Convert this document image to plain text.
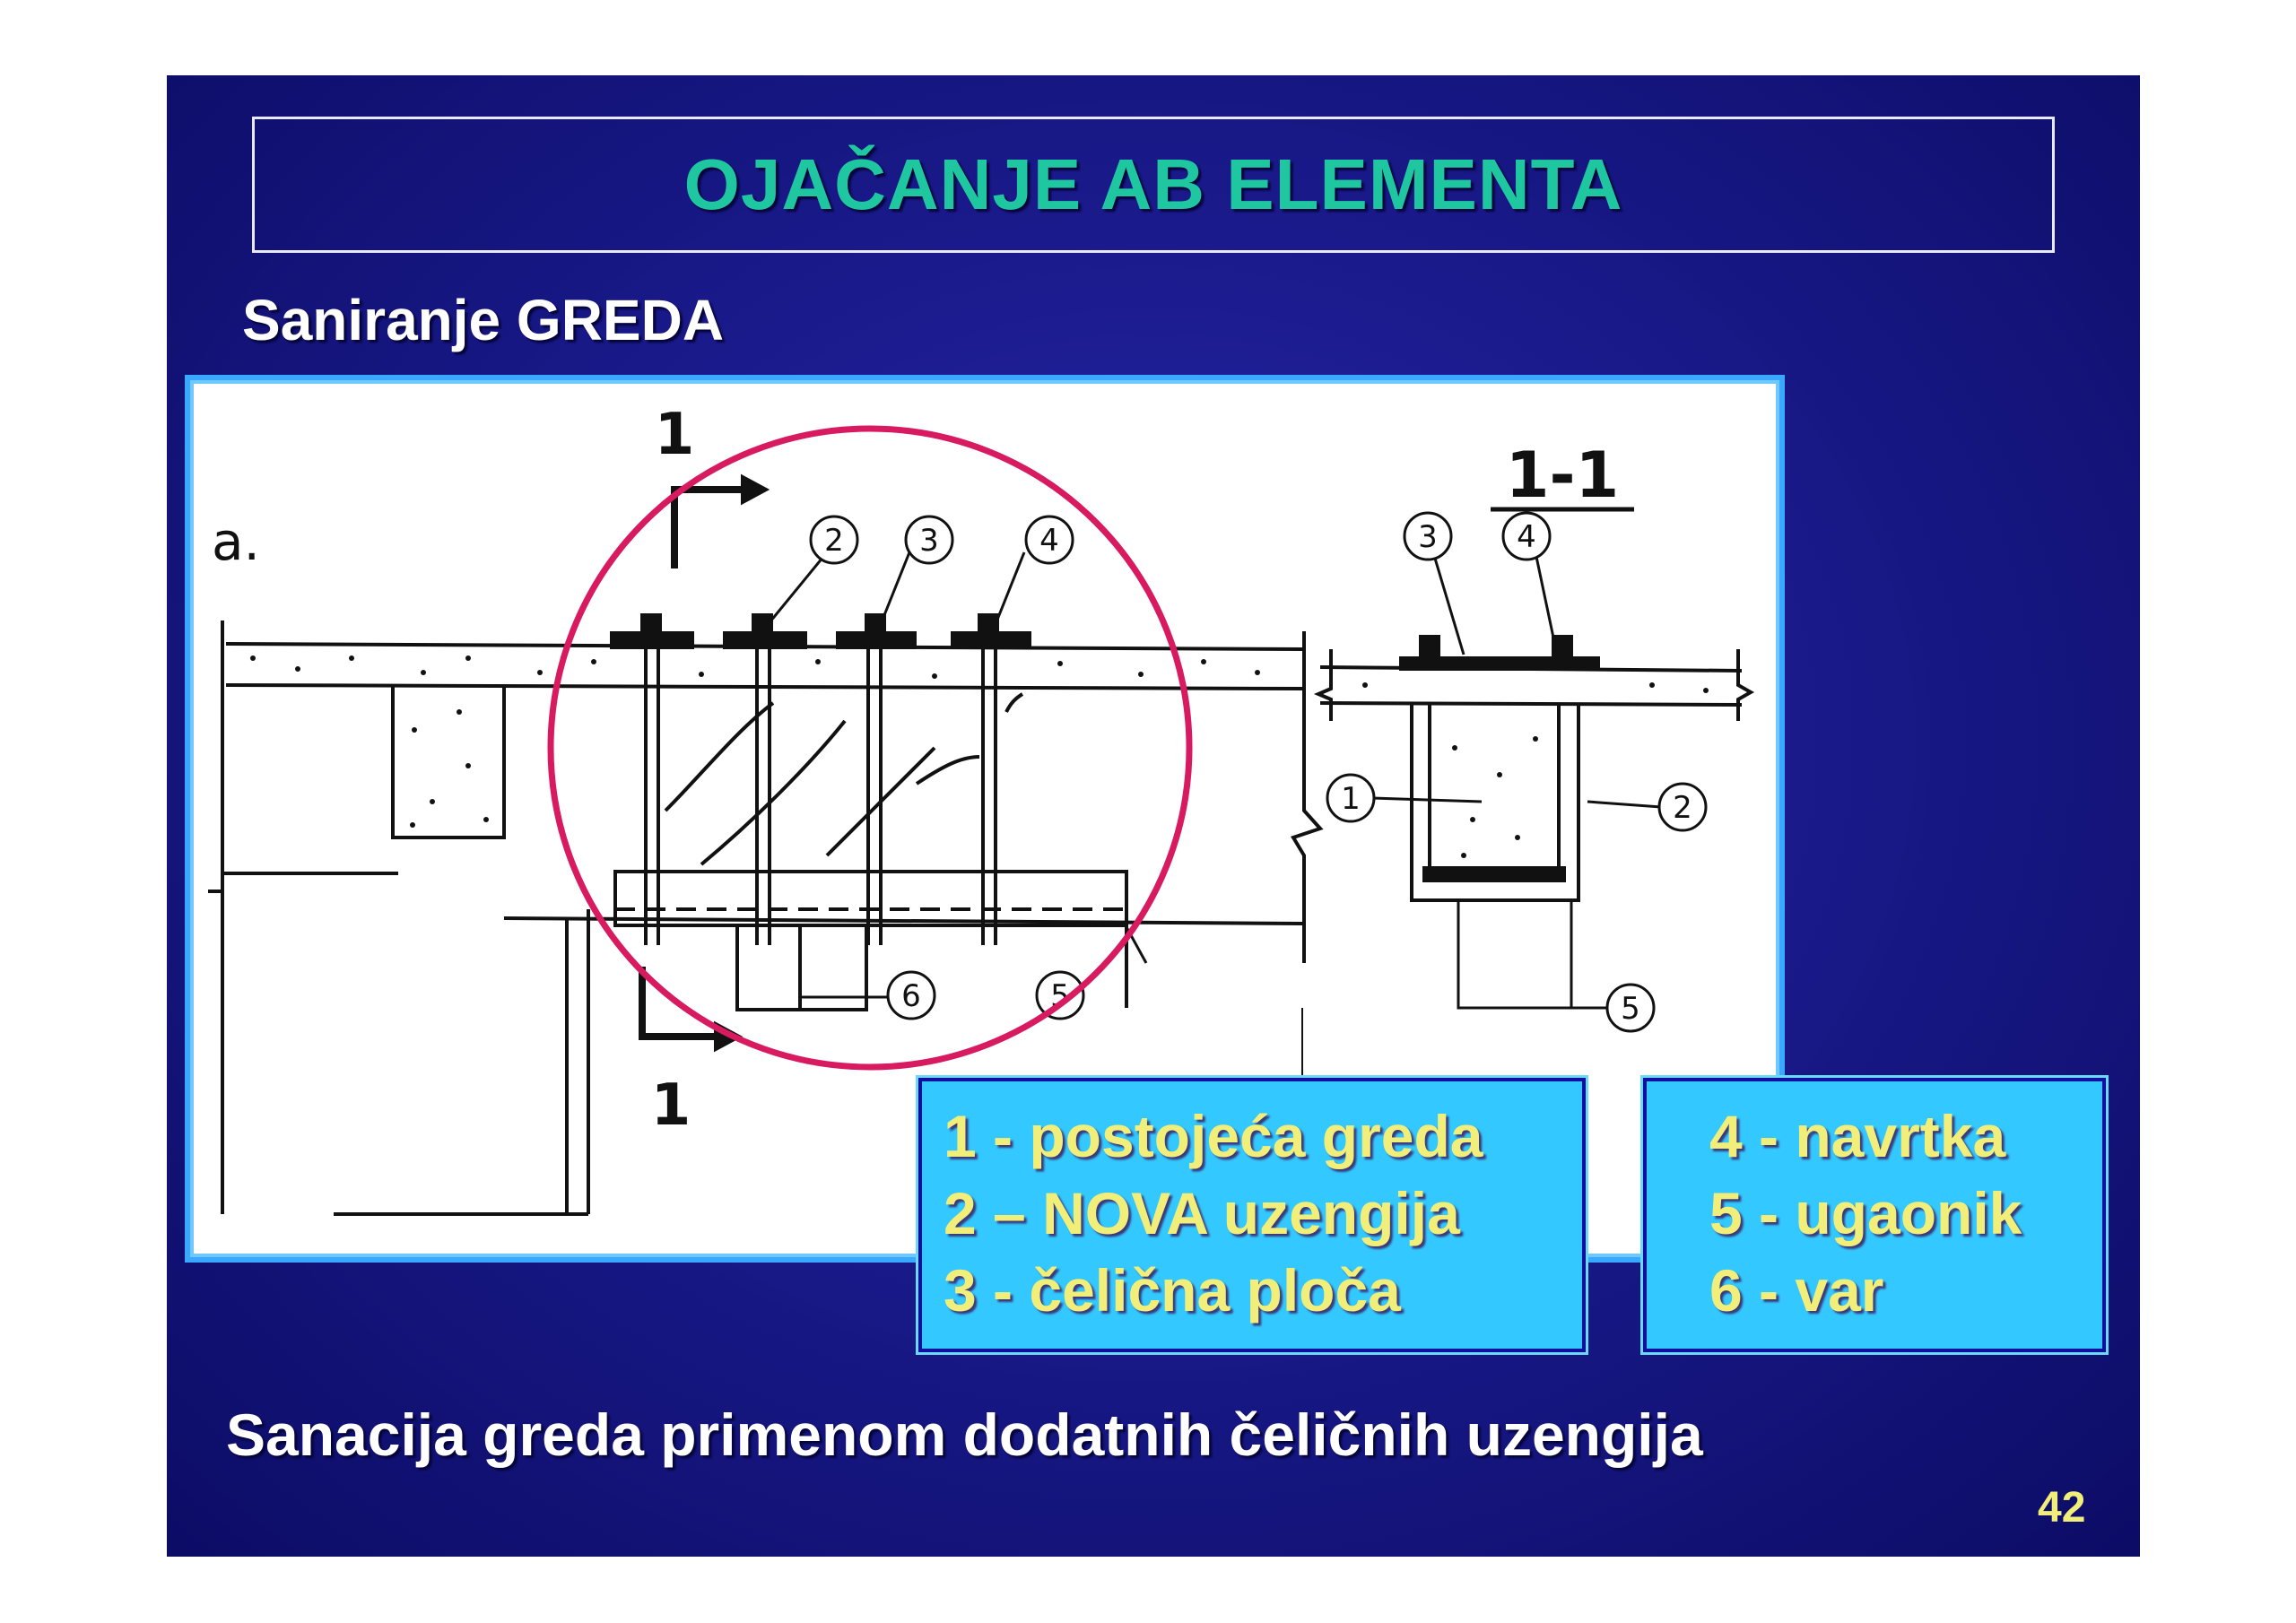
OJAČANJE AB ELEMENTA
Saniranje GREDA
2 3	4
6	5
a.
1
1
3	4
1	2
5
1-1
1 - postojeća greda
2 – NOVA uzengija
3 - čelična ploča
4 - navrtka
5 - ugaonik
6 - var
Sanacija greda primenom dodatnih čeličnih uzengija
42
